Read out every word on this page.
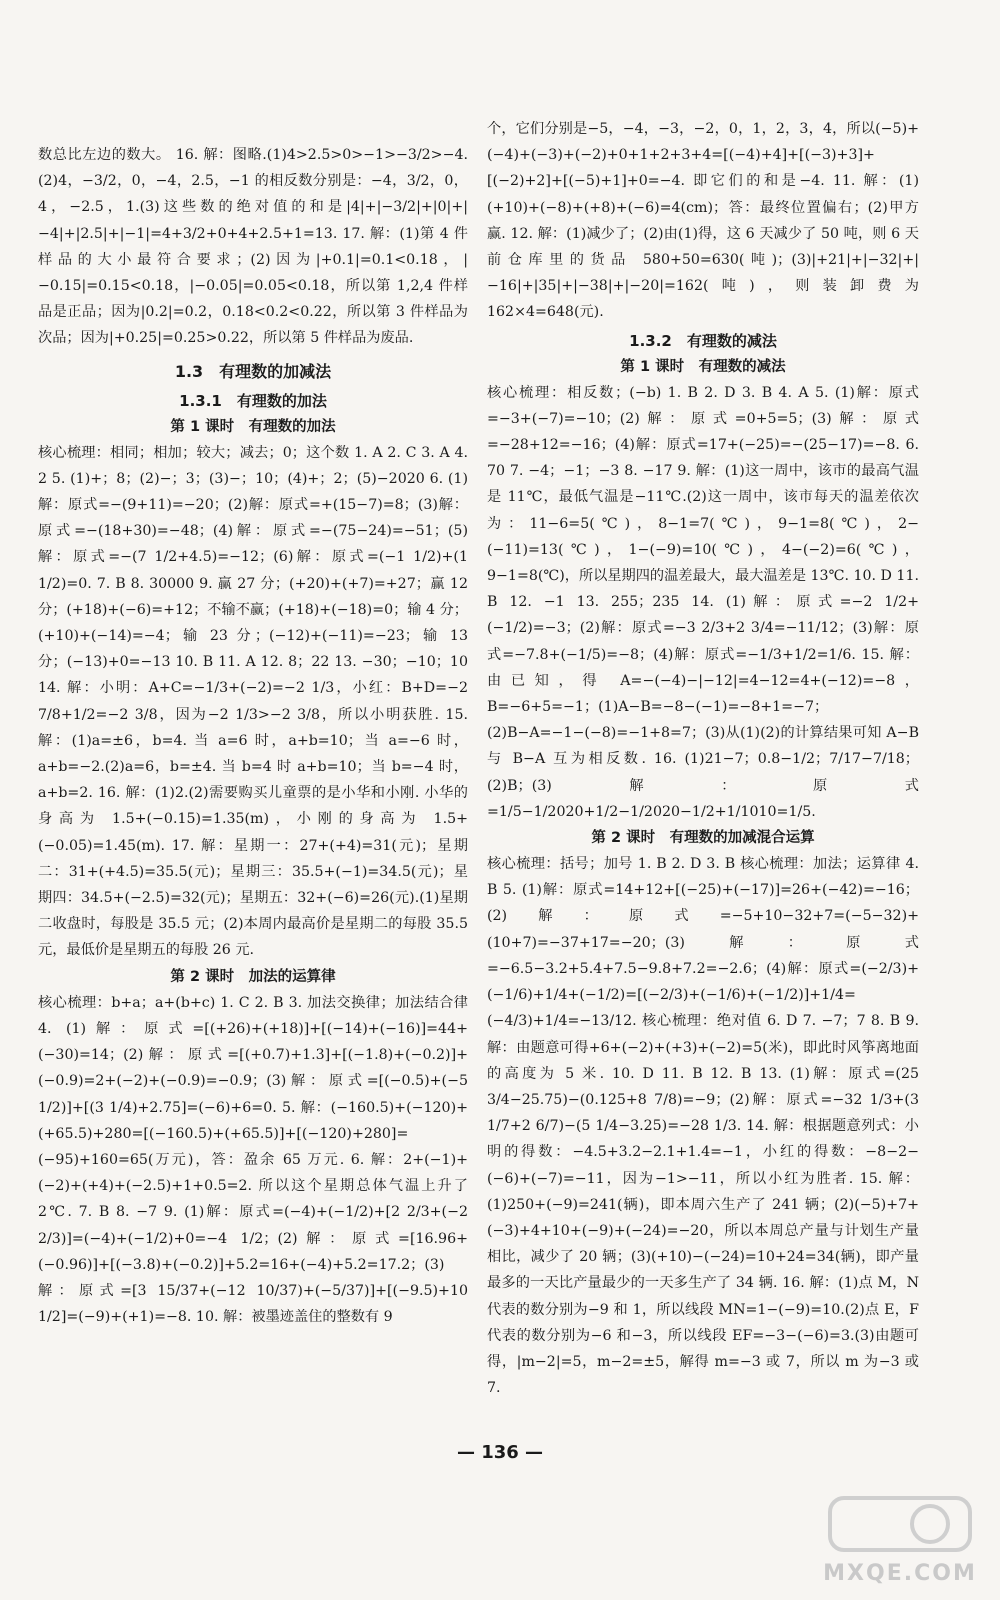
数总比左边的数大。 16. 解：图略.(1)4>2.5>0>−1>−3/2>−4.(2)4，−3/2，0，−4，2.5，−1 的相反数分别是：−4，3/2，0，4，−2.5，1.(3)这些数的绝对值的和是|4|+|−3/2|+|0|+|−4|+|2.5|+|−1|=4+3/2+0+4+2.5+1=13. 17. 解：(1)第 4 件样品的大小最符合要求；(2)因为|+0.1|=0.1<0.18，|−0.15|=0.15<0.18，|−0.05|=0.05<0.18，所以第 1,2,4 件样品是正品；因为|0.2|=0.2，0.18<0.2<0.22，所以第 3 件样品为次品；因为|+0.25|=0.25>0.22，所以第 5 件样品为废品.

1.3　有理数的加减法
1.3.1　有理数的加法
第 1 课时　有理数的加法

核心梳理：相同；相加；较大；减去；0；这个数 1. A 2. C 3. A 4. 2 5. (1)+；8；(2)−；3；(3)−；10；(4)+；2；(5)−2020 6. (1)解：原式=−(9+11)=−20；(2)解：原式=+(15−7)=8；(3)解：原式=−(18+30)=−48；(4)解：原式=−(75−24)=−51；(5)解：原式=−(7 1/2+4.5)=−12；(6)解：原式=(−1 1/2)+(1 1/2)=0. 7. B 8. 30000 9. 赢 27 分；(+20)+(+7)=+27；赢 12 分；(+18)+(−6)=+12；不输不赢；(+18)+(−18)=0；输 4 分；(+10)+(−14)=−4；输 23 分；(−12)+(−11)=−23；输 13 分；(−13)+0=−13 10. B 11. A 12. 8；22 13. −30；−10；10 14. 解：小明：A+C=−1/3+(−2)=−2 1/3，小红：B+D=−2 7/8+1/2=−2 3/8，因为−2 1/3>−2 3/8，所以小明获胜. 15. 解：(1)a=±6，b=4. 当 a=6 时，a+b=10；当 a=−6 时，a+b=−2.(2)a=6，b=±4. 当 b=4 时 a+b=10；当 b=−4 时，a+b=2. 16. 解：(1)2.(2)需要购买儿童票的是小华和小刚. 小华的身高为 1.5+(−0.15)=1.35(m)，小刚的身高为 1.5+(−0.05)=1.45(m). 17. 解：星期一：27+(+4)=31(元)；星期二：31+(+4.5)=35.5(元)；星期三：35.5+(−1)=34.5(元)；星期四：34.5+(−2.5)=32(元)；星期五：32+(−6)=26(元).(1)星期二收盘时，每股是 35.5 元；(2)本周内最高价是星期二的每股 35.5 元，最低价是星期五的每股 26 元.

第 2 课时　加法的运算律

核心梳理：b+a；a+(b+c) 1. C 2. B 3. 加法交换律；加法结合律 4. (1)解：原式=[(+26)+(+18)]+[(−14)+(−16)]=44+(−30)=14；(2)解：原式=[(+0.7)+1.3]+[(−1.8)+(−0.2)]+(−0.9)=2+(−2)+(−0.9)=−0.9；(3)解：原式=[(−0.5)+(−5 1/2)]+[(3 1/4)+2.75]=(−6)+6=0. 5. 解：(−160.5)+(−120)+(+65.5)+280=[(−160.5)+(+65.5)]+[(−120)+280]=(−95)+160=65(万元)，答：盈余 65 万元. 6. 解：2+(−1)+(−2)+(+4)+(−2.5)+1+0.5=2. 所以这个星期总体气温上升了 2℃. 7. B 8. −7 9. (1)解：原式=(−4)+(−1/2)+[2 2/3+(−2 2/3)]=(−4)+(−1/2)+0=−4 1/2；(2)解：原式=[16.96+(−0.96)]+[(−3.8)+(−0.2)]+5.2=16+(−4)+5.2=17.2；(3)解：原式=[3 15/37+(−12 10/37)+(−5/37)]+[(−9.5)+10 1/2]=(−9)+(+1)=−8. 10. 解：被墨迹盖住的整数有 9

个，它们分别是−5，−4，−3，−2，0，1，2，3，4，所以(−5)+(−4)+(−3)+(−2)+0+1+2+3+4=[(−4)+4]+[(−3)+3]+[(−2)+2]+[(−5)+1]+0=−4. 即它们的和是−4. 11. 解：(1)(+10)+(−8)+(+8)+(−6)=4(cm)；答：最终位置偏右；(2)甲方赢. 12. 解：(1)减少了；(2)由(1)得，这 6 天减少了 50 吨，则 6 天前仓库里的货品 580+50=630(吨)；(3)|+21|+|−32|+|−16|+|35|+|−38|+|−20|=162(吨)，则装卸费为 162×4=648(元).

1.3.2　有理数的减法
第 1 课时　有理数的减法

核心梳理：相反数；(−b) 1. B 2. D 3. B 4. A 5. (1)解：原式=−3+(−7)=−10；(2)解：原式=0+5=5；(3)解：原式=−28+12=−16；(4)解：原式=17+(−25)=−(25−17)=−8. 6. 70 7. −4；−1；−3 8. −17 9. 解：(1)这一周中，该市的最高气温是 11℃，最低气温是−11℃.(2)这一周中，该市每天的温差依次为：11−6=5(℃)，8−1=7(℃)，9−1=8(℃)，2−(−11)=13(℃)，1−(−9)=10(℃)，4−(−2)=6(℃)，9−1=8(℃)，所以星期四的温差最大，最大温差是 13℃. 10. D 11. B 12. −1 13. 255；235 14. (1)解：原式=−2 1/2+(−1/2)=−3；(2)解：原式=−3 2/3+2 3/4=−11/12；(3)解：原式=−7.8+(−1/5)=−8；(4)解：原式=−1/3+1/2=1/6. 15. 解：由已知，得 A=−(−4)−|−12|=4−12=4+(−12)=−8，B=−6+5=−1；(1)A−B=−8−(−1)=−8+1=−7；(2)B−A=−1−(−8)=−1+8=7；(3)从(1)(2)的计算结果可知 A−B 与 B−A 互为相反数. 16. (1)21−7；0.8−1/2；7/17−7/18；(2)B；(3)解：原式=1/5−1/2020+1/2−1/2020−1/2+1/1010=1/5.

第 2 课时　有理数的加减混合运算

核心梳理：括号；加号 1. B 2. D 3. B 核心梳理：加法；运算律 4. B 5. (1)解：原式=14+12+[(−25)+(−17)]=26+(−42)=−16；(2)解：原式=−5+10−32+7=(−5−32)+(10+7)=−37+17=−20；(3)解：原式=−6.5−3.2+5.4+7.5−9.8+7.2=−2.6；(4)解：原式=(−2/3)+(−1/6)+1/4+(−1/2)=[(−2/3)+(−1/6)+(−1/2)]+1/4=(−4/3)+1/4=−13/12. 核心梳理：绝对值 6. D 7. −7；7 8. B 9. 解：由题意可得+6+(−2)+(+3)+(−2)=5(米)，即此时风筝离地面的高度为 5 米. 10. D 11. B 12. B 13. (1)解：原式=(25 3/4−25.75)−(0.125+8 7/8)=−9；(2)解：原式=−32 1/3+(3 1/7+2 6/7)−(5 1/4−3.25)=−28 1/3. 14. 解：根据题意列式：小明的得数：−4.5+3.2−2.1+1.4=−1，小红的得数：−8−2−(−6)+(−7)=−11，因为−1>−11，所以小红为胜者. 15. 解：(1)250+(−9)=241(辆)，即本周六生产了 241 辆；(2)(−5)+7+(−3)+4+10+(−9)+(−24)=−20，所以本周总产量与计划生产量相比，减少了 20 辆；(3)(+10)−(−24)=10+24=34(辆)，即产量最多的一天比产量最少的一天多生产了 34 辆. 16. 解：(1)点 M，N 代表的数分别为−9 和 1，所以线段 MN=1−(−9)=10.(2)点 E，F 代表的数分别为−6 和−3，所以线段 EF=−3−(−6)=3.(3)由题可得，|m−2|=5，m−2=±5，解得 m=−3 或 7，所以 m 为−3 或 7.

— 136 —
MXQE.COM
